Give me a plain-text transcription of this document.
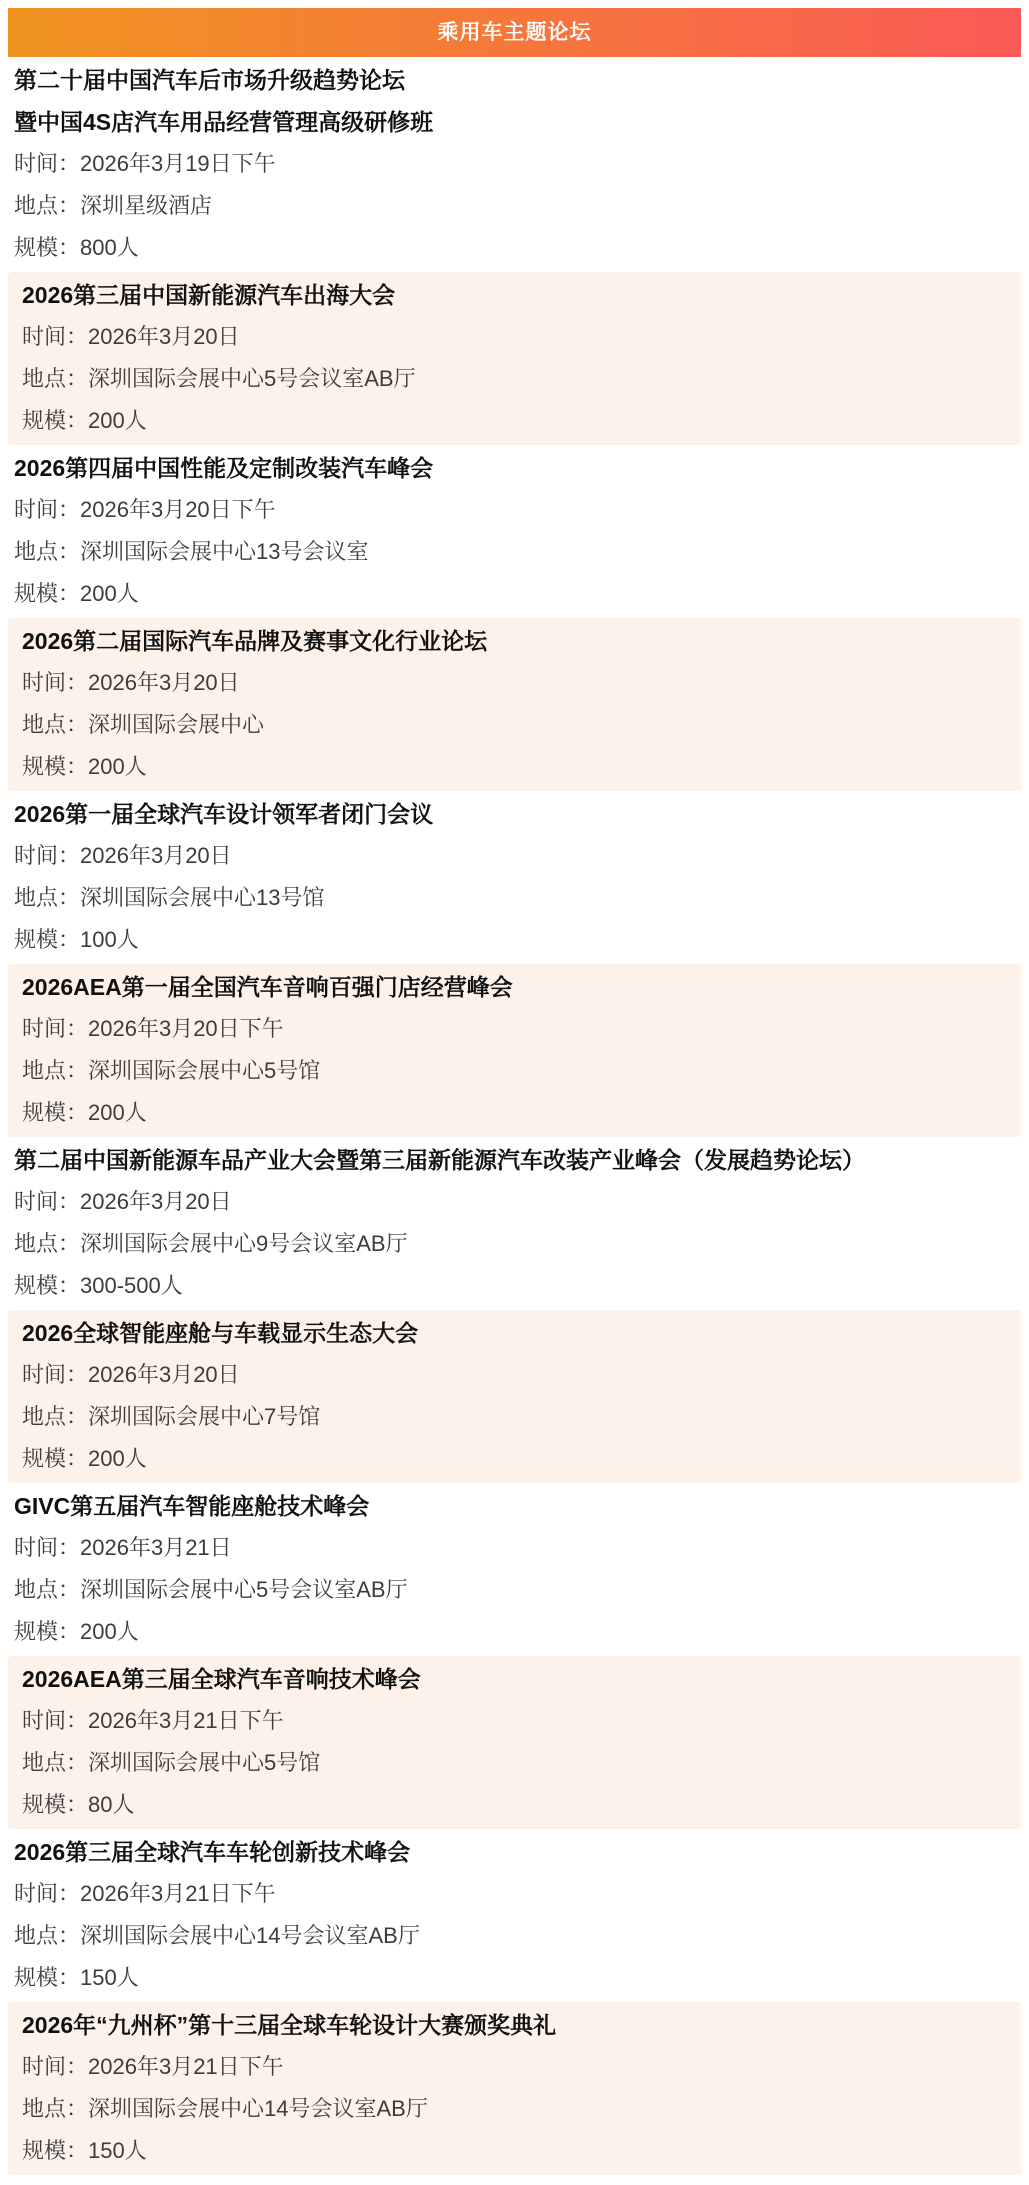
乘用车主题论坛
第二十届中国汽车后市场升级趋势论坛
暨中国4S店汽车用品经营管理高级研修班
时间：2026年3月19日下午
地点：深圳星级酒店
规模：800人
2026第三届中国新能源汽车出海大会
时间：2026年3月20日
地点：深圳国际会展中心5号会议室AB厅
规模：200人
2026第四届中国性能及定制改装汽车峰会
时间：2026年3月20日下午
地点：深圳国际会展中心13号会议室
规模：200人
2026第二届国际汽车品牌及赛事文化行业论坛
时间：2026年3月20日
地点：深圳国际会展中心
规模：200人
2026第一届全球汽车设计领军者闭门会议
时间：2026年3月20日
地点：深圳国际会展中心13号馆
规模：100人
2026AEA第一届全国汽车音响百强门店经营峰会
时间：2026年3月20日下午
地点：深圳国际会展中心5号馆
规模：200人
第二届中国新能源车品产业大会暨第三届新能源汽车改装产业峰会（发展趋势论坛）
时间：2026年3月20日
地点：深圳国际会展中心9号会议室AB厅
规模：300-500人
2026全球智能座舱与车载显示生态大会
时间：2026年3月20日
地点：深圳国际会展中心7号馆
规模：200人
GIVC第五届汽车智能座舱技术峰会
时间：2026年3月21日
地点：深圳国际会展中心5号会议室AB厅
规模：200人
2026AEA第三届全球汽车音响技术峰会
时间：2026年3月21日下午
地点：深圳国际会展中心5号馆
规模：80人
2026第三届全球汽车车轮创新技术峰会
时间：2026年3月21日下午
地点：深圳国际会展中心14号会议室AB厅
规模：150人
2026年“九州杯”第十三届全球车轮设计大赛颁奖典礼
时间：2026年3月21日下午
地点：深圳国际会展中心14号会议室AB厅
规模：150人
